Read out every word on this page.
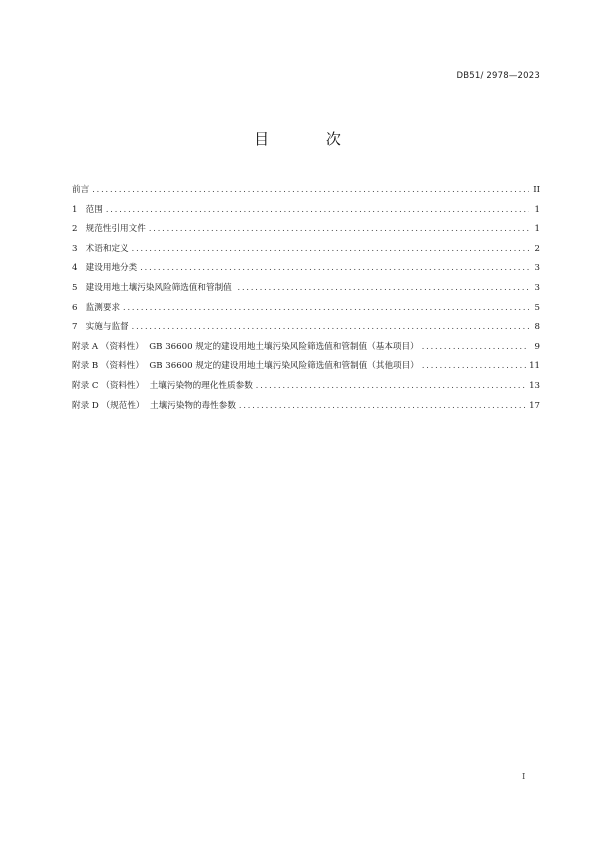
DB51/ 2978—2023
目 次
前言 .....	II
1   范围 .....	1
2   规范性引用文件 .....	1
3   术语和定义 .....	2
4   建设用地分类 .....	3
5   建设用地土壤污染风险筛选值和管制值 .....	3
6   监测要求 .....	5
7   实施与监督 .....	8
附录 A （资料性）  GB 36600 规定的建设用地土壤污染风险筛选值和管制值（基本项目） .....	9
附录 B （资料性）  GB 36600 规定的建设用地土壤污染风险筛选值和管制值（其他项目） .....	11
附录 C （资料性）  土壤污染物的理化性质参数 .....	13
附录 D （规范性）  土壤污染物的毒性参数 .....	17
I
